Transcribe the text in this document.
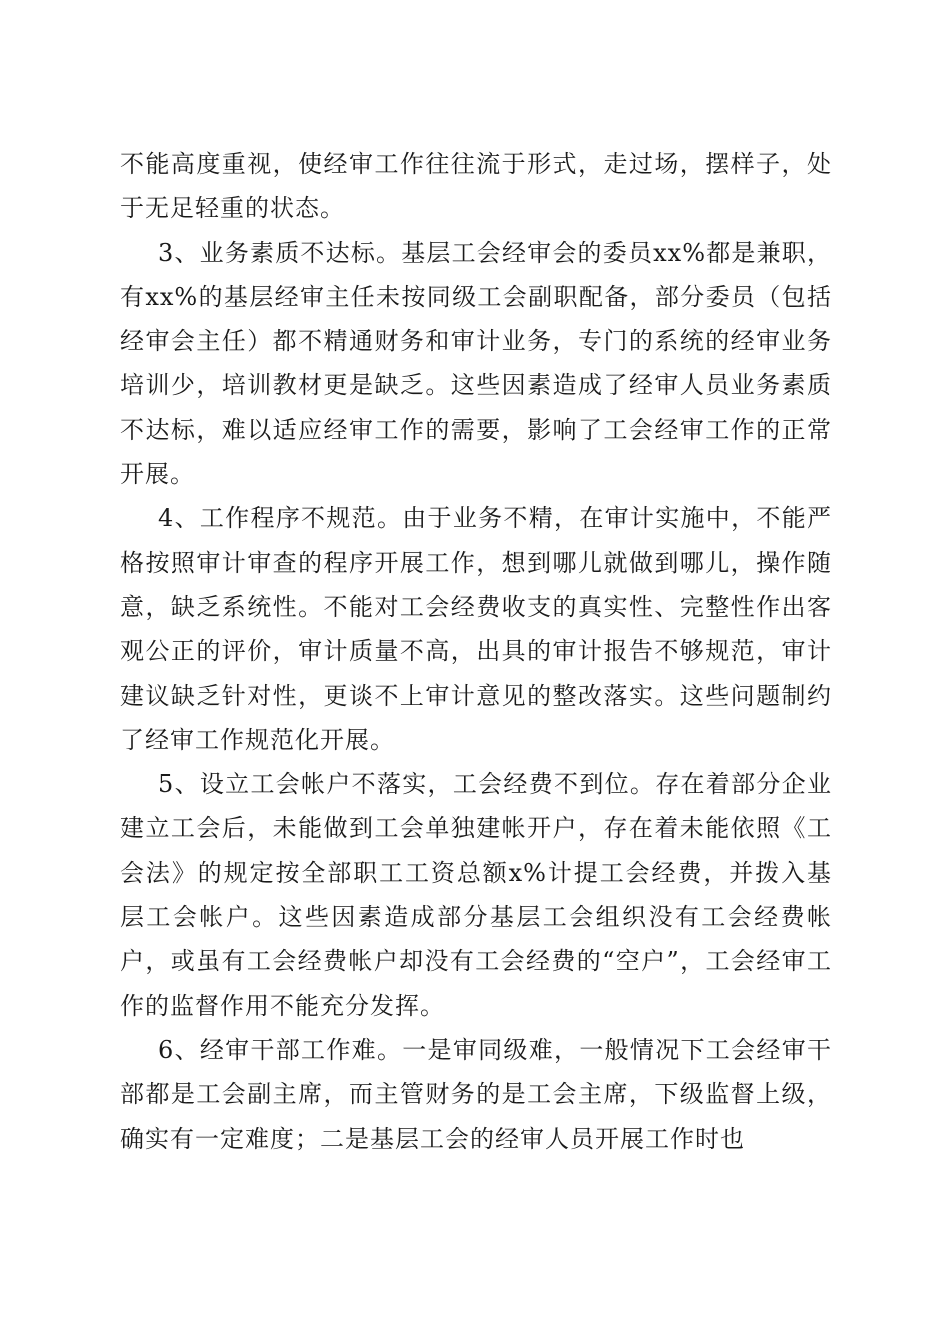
不能高度重视，使经审工作往往流于形式，走过场，摆样子，处于无足轻重的状态。

3、业务素质不达标。基层工会经审会的委员xx%都是兼职，有xx%的基层经审主任未按同级工会副职配备，部分委员（包括经审会主任）都不精通财务和审计业务，专门的系统的经审业务培训少，培训教材更是缺乏。这些因素造成了经审人员业务素质不达标，难以适应经审工作的需要，影响了工会经审工作的正常开展。

4、工作程序不规范。由于业务不精，在审计实施中，不能严格按照审计审查的程序开展工作，想到哪儿就做到哪儿，操作随意，缺乏系统性。不能对工会经费收支的真实性、完整性作出客观公正的评价，审计质量不高，出具的审计报告不够规范，审计建议缺乏针对性，更谈不上审计意见的整改落实。这些问题制约了经审工作规范化开展。

5、设立工会帐户不落实，工会经费不到位。存在着部分企业建立工会后，未能做到工会单独建帐开户，存在着未能依照《工会法》的规定按全部职工工资总额x%计提工会经费，并拨入基层工会帐户。这些因素造成部分基层工会组织没有工会经费帐户，或虽有工会经费帐户却没有工会经费的“空户”，工会经审工作的监督作用不能充分发挥。

6、经审干部工作难。一是审同级难，一般情况下工会经审干部都是工会副主席，而主管财务的是工会主席，下级监督上级，确实有一定难度；二是基层工会的经审人员开展工作时也
